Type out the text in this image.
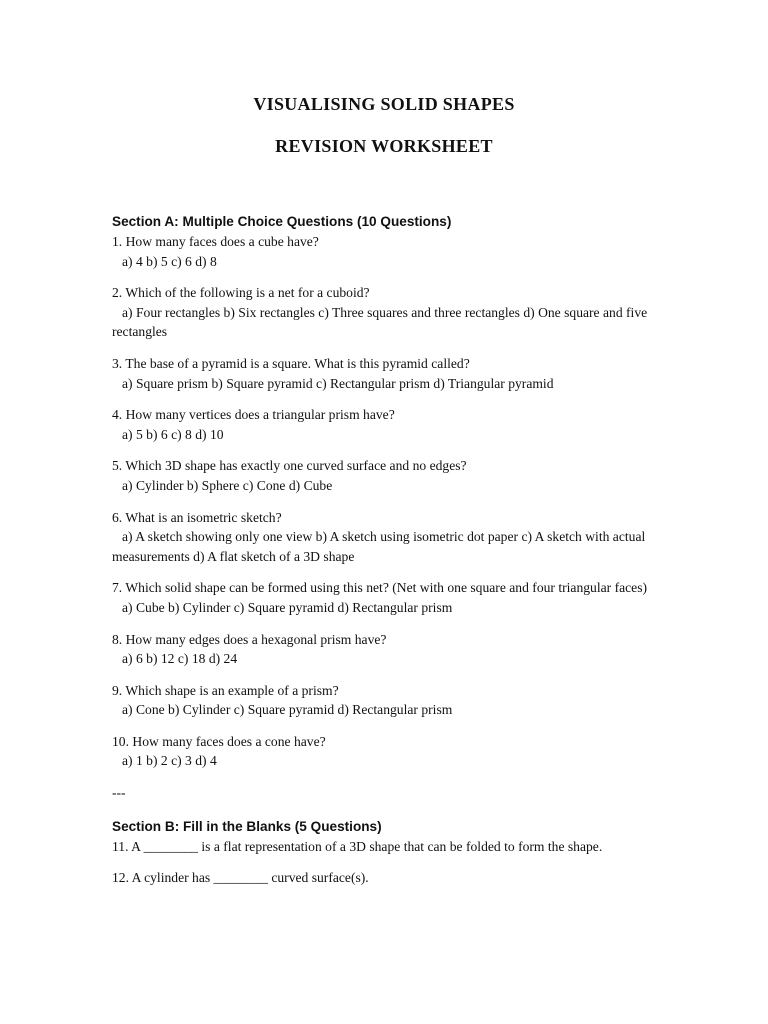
VISUALISING SOLID SHAPES
REVISION WORKSHEET

Section A: Multiple Choice Questions (10 Questions)

1. How many faces does a cube have?
a) 4 b) 5 c) 6 d) 8
2. Which of the following is a net for a cuboid?
a) Four rectangles b) Six rectangles c) Three squares and three rectangles d) One square and five rectangles
3. The base of a pyramid is a square. What is this pyramid called?
a) Square prism b) Square pyramid c) Rectangular prism d) Triangular pyramid
4. How many vertices does a triangular prism have?
a) 5 b) 6 c) 8 d) 10
5. Which 3D shape has exactly one curved surface and no edges?
a) Cylinder b) Sphere c) Cone d) Cube
6. What is an isometric sketch?
a) A sketch showing only one view b) A sketch using isometric dot paper c) A sketch with actual measurements d) A flat sketch of a 3D shape
7. Which solid shape can be formed using this net? (Net with one square and four triangular faces)
a) Cube b) Cylinder c) Square pyramid d) Rectangular prism
8. How many edges does a hexagonal prism have?
a) 6 b) 12 c) 18 d) 24
9. Which shape is an example of a prism?
a) Cone b) Cylinder c) Square pyramid d) Rectangular prism
10. How many faces does a cone have?
a) 1 b) 2 c) 3 d) 4
---

Section B: Fill in the Blanks (5 Questions)

11. A ________ is a flat representation of a 3D shape that can be folded to form the shape.
12. A cylinder has ________ curved surface(s).
